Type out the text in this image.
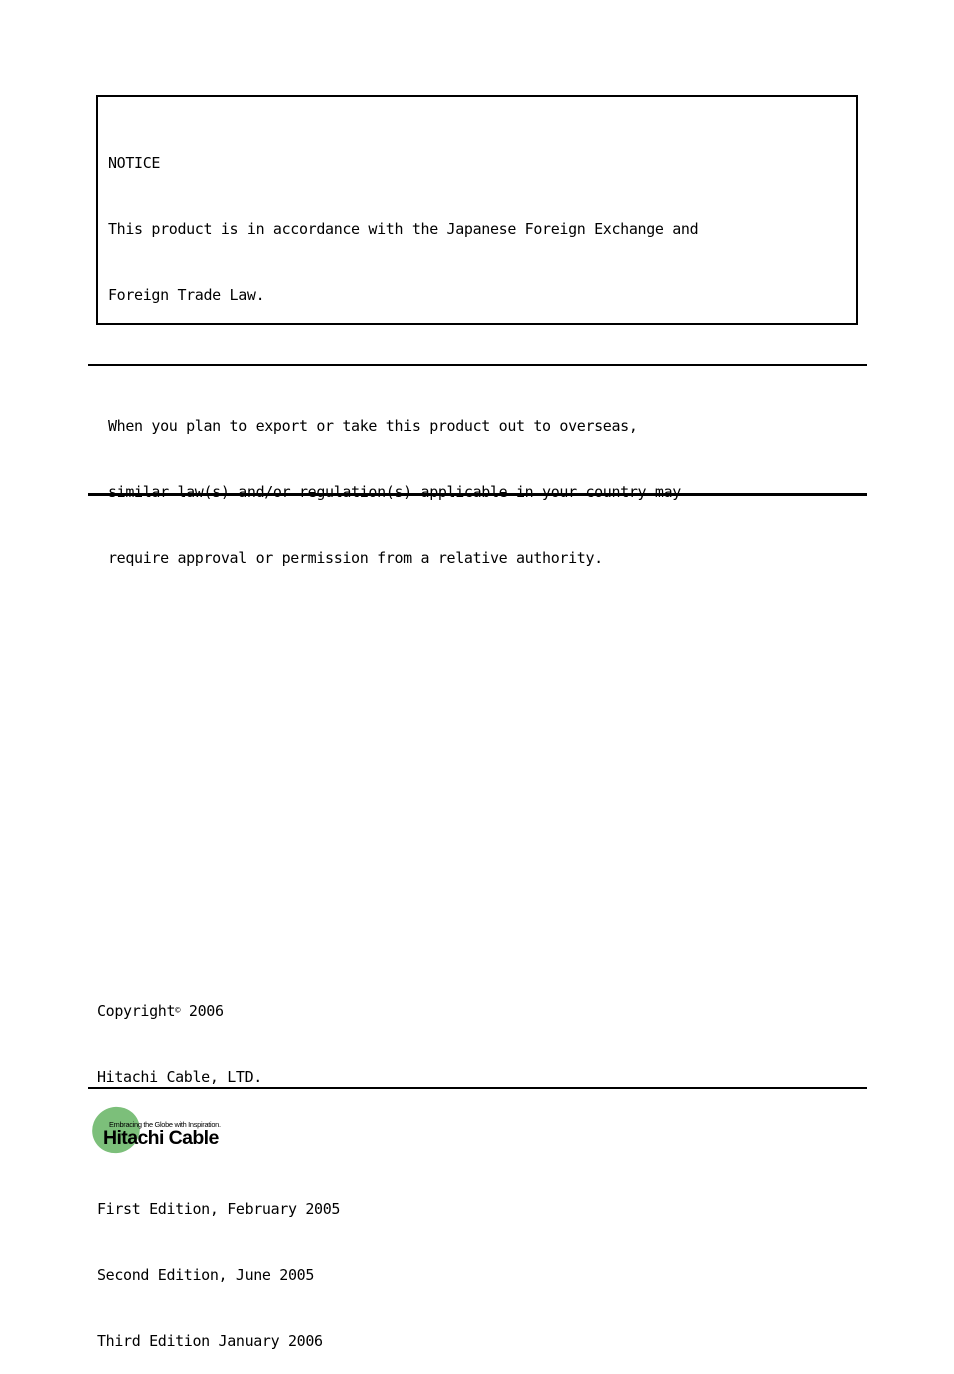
NOTICE

This product is in accordance with the Japanese Foreign Exchange and

Foreign Trade Law.

When you plan to export or take this product out to overseas,

similar law(s) and/or regulation(s) applicable in your country may

require approval or permission from a relative authority.

Copyright© 2006

Hitachi Cable, LTD.

First Edition, February 2005

Second Edition, June 2005

Third Edition January 2006

Embracing the Globe with Inspiration.
Hitachi Cable
